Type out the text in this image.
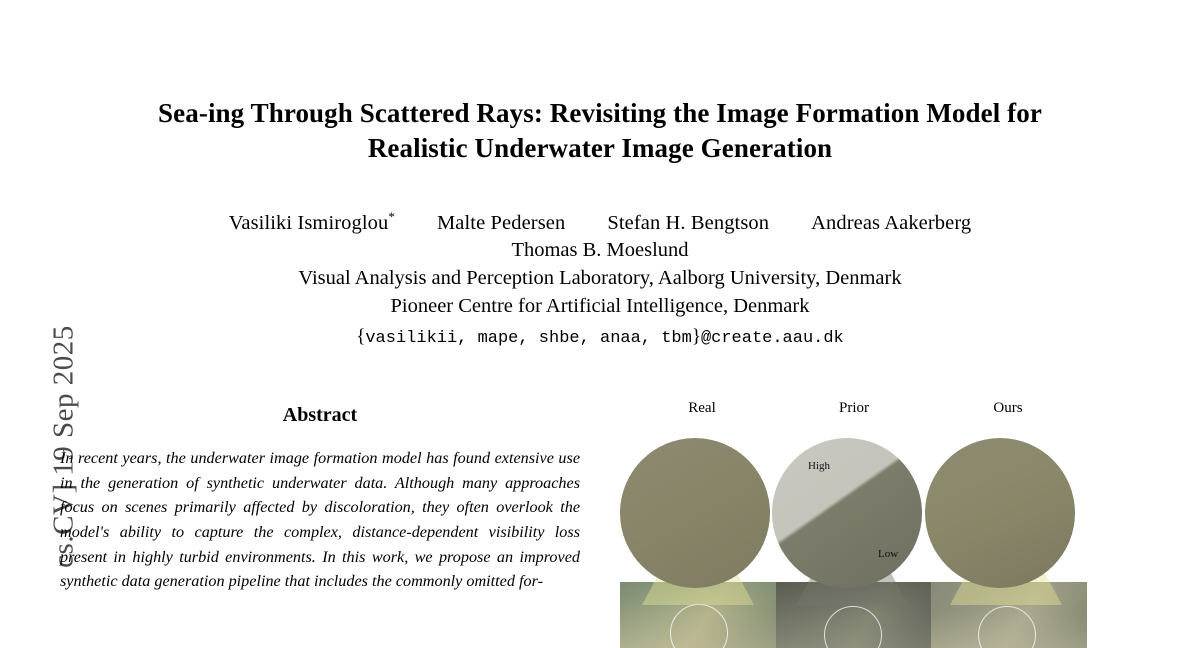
cs.CV] 19 Sep 2025
Sea-ing Through Scattered Rays: Revisiting the Image Formation Model for Realistic Underwater Image Generation
Vasiliki Ismiroglou* Malte Pedersen Stefan H. Bengtson Andreas Aakerberg
Thomas B. Moeslund
Visual Analysis and Perception Laboratory, Aalborg University, Denmark
Pioneer Centre for Artificial Intelligence, Denmark
{vasilikii, mape, shbe, anaa, tbm}@create.aau.dk
Abstract
In recent years, the underwater image formation model has found extensive use in the generation of synthetic underwater data. Although many approaches focus on scenes primarily affected by discoloration, they often overlook the model's ability to capture the complex, distance-dependent visibility loss present in highly turbid environments. In this work, we propose an improved synthetic data generation pipeline that includes the commonly omitted for-
Real	Prior	Ours
High
Low
